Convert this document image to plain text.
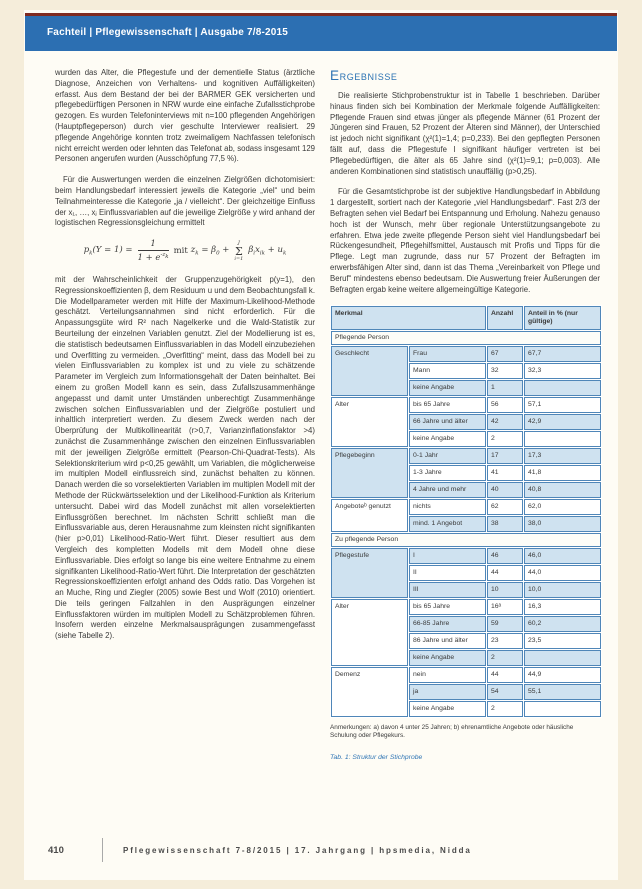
Fachteil | Pflegewissenschaft | Ausgabe 7/8-2015

wurden das Alter, die Pflegestufe und der dementielle Status (ärztliche Diagnose, Anzeichen von Verhaltens- und kognitiven Auffälligkeiten) erfasst. Aus dem Bestand der bei der BARMER GEK versicherten und pflegebedürftigen Personen in NRW wurde eine einfache Zufallsstichprobe gezogen. Es wurden Telefoninterviews mit n=100 pflegenden Angehörigen (Hauptpflegeperson) durch vier geschulte Interviewer realisiert. 29 pflegende Angehörige konnten trotz zweimaligem Nachfassen telefonisch nicht erreicht werden oder lehnten das Telefonat ab, sodass insgesamt 129 Personen angerufen wurden (Ausschöpfung 77,5 %).

Für die Auswertungen werden die einzelnen Zielgrößen dichotomisiert: beim Handlungsbedarf interessiert jeweils die Kategorie „viel“ und beim Teilnahmeinteresse die Kategorie „ja / vielleicht“. Der gleichzeitige Einfluss der x₁, …, xⱼ Einflussvariablen auf die jeweilige Zielgröße y wird anhand der logistischen Regressionsgleichung ermittelt

$p_k(Y = 1) = \frac{1}{1 + e^{-z_k}}$ mit $z_k = \beta_0$ +
J
Σ
i=1
$\beta_ix_{ik} + u_k$

mit der Wahrscheinlichkeit der Gruppenzugehörigkeit p(y=1), den Regressionskoeffizienten β, dem Residuum u und dem Beobachtungsfall k. Die Modellparameter werden mit Hilfe der Maximum-Likelihood-Methode geschätzt. Verteilungsannahmen sind nicht erforderlich. Für die Anpassungsgüte wird R² nach Nagelkerke und die Wald-Statistik zur Beurteilung der einzelnen Variablen genutzt. Ziel der Modellierung ist es, die statistisch bedeutsamen Einflussvariablen in das Modell einzubeziehen und Overfitting zu vermeiden. „Overfitting“ meint, dass das Modell bei zu vielen Einflussvariablen zu komplex ist und zu viele zu schätzende Parameter im Vergleich zum Informationsgehalt der Daten beinhaltet. Bei einem zu großen Modell kann es sein, dass Zufallszusammenhänge angepasst und damit unter Umständen unberechtigt Zusammenhänge zwischen solchen Einflussvariablen und der Zielgröße postuliert und inhaltlich interpretiert werden. Zu diesem Zweck werden nach der Überprüfung der Multikollinearität (r>0,7, Varianzinflationsfaktor >4) zunächst die Zusammenhänge zwischen den einzelnen Einflussvariablen mit der jeweiligen Zielgröße ermittelt (Pearson-Chi-Quadrat-Tests). Als Selektionskriterium wird p<0,25 gewählt, um Variablen, die möglicherweise im multiplen Modell einflussreich sind, zunächst behalten zu können. Danach werden die so vorselektierten Variablen im multiplen Modell mit der Methode der Rückwärtsselektion und der Likelihood-Funktion als Kriterium untersucht. Dabei wird das Modell zunächst mit allen vorselektierten Einflussgrößen berechnet. Im nächsten Schritt schließt man die Einflussvariable aus, deren Herausnahme zum kleinsten nicht signifikanten (hier p>0,01) Likelihood-Ratio-Wert führt. Dieser resultiert aus dem Vergleich des kompletten Modells mit dem Modell ohne diese Einflussvariable. Dies erfolgt so lange bis eine weitere Entnahme zu einem signifikanten Likelihood-Ratio-Wert führt. Die Interpretation der geschätzten Regressionskoeffizienten erfolgt anhand des Odds ratio. Das Vorgehen ist an Muche, Ring und Ziegler (2005) sowie Best und Wolf (2010) orientiert. Die teils geringen Fallzahlen in den Ausprägungen einzelner Einflussfaktoren würden im multiplen Modell zu Schätzproblemen führen. Insofern werden einzelne Merkmalsausprägungen zusammengefasst (siehe Tabelle 2).

Ergebnisse

Die realisierte Stichprobenstruktur ist in Tabelle 1 beschrieben. Darüber hinaus finden sich bei Kombination der Merkmale folgende Auffälligkeiten: Pflegende Frauen sind etwas jünger als pflegende Männer (61 Prozent der Jüngeren sind Frauen, 52 Prozent der Älteren sind Männer), der Unterschied ist jedoch nicht signifikant (χ²(1)=1,4; p=0,233). Bei den gepflegten Personen fällt auf, dass die Pflegestufe I signifikant häufiger vertreten ist bei Pflegebedürftigen, die älter als 65 Jahre sind (χ²(1)=9,1; p=0,003). Alle anderen Kombinationen sind statistisch unauffällig (p>0,25).

Für die Gesamtstichprobe ist der subjektive Handlungsbedarf in Abbildung 1 dargestellt, sortiert nach der Kategorie „viel Handlungsbedarf“. Fast 2/3 der Befragten sehen viel Bedarf bei Entspannung und Erholung. Nahezu genauso hoch ist der Wunsch, mehr über regionale Unterstützungsangebote zu erfahren. Etwa jede zweite pflegende Person sieht viel Handlungsbedarf bei Rückengesundheit, Pflegehilfsmittel, Austausch mit Profis und Tipps für die Pflege. Legt man zugrunde, dass nur 57 Prozent der Befragten im erwerbsfähigen Alter sind, dann ist das Thema „Vereinbarkeit von Pflege und Beruf“ mindestens ebenso bedeutsam. Die Auswertung freier Äußerungen der Befragten ergab keine weitere allgemeingültige Kategorie.

Merkmal		Anzahl	Anteil in % (nur gültige)
Pflegende Person			
Geschlecht	Frau	67	67,7
	Mann	32	32,3
	keine Angabe	1	
Alter	bis 65 Jahre	56	57,1
	66 Jahre und älter	42	42,9
	keine Angabe	2	
Pflegebeginn	0-1 Jahr	17	17,3
	1-3 Jahre	41	41,8
	4 Jahre und mehr	40	40,8
Angeboteᵇ genutzt	nichts	62	62,0
	mind. 1 Angebot	38	38,0
Zu pflegende Person			
Pflegestufe	I	46	46,0
	II	44	44,0
	III	10	10,0
Alter	bis 65 Jahre	16ᵃ	16,3
	66-85 Jahre	59	60,2
	86 Jahre und älter	23	23,5
	keine Angabe	2	
Demenz	nein	44	44,9
	ja	54	55,1
	keine Angabe	2	

Anmerkungen: a) davon 4 unter 25 Jahren; b) ehrenamtliche Angebote oder häusliche Schulung oder Pflegekurs.

Tab. 1: Struktur der Stichprobe

410	Pflegewissenschaft 7-8/2015 | 17. Jahrgang | hpsmedia, Nidda
